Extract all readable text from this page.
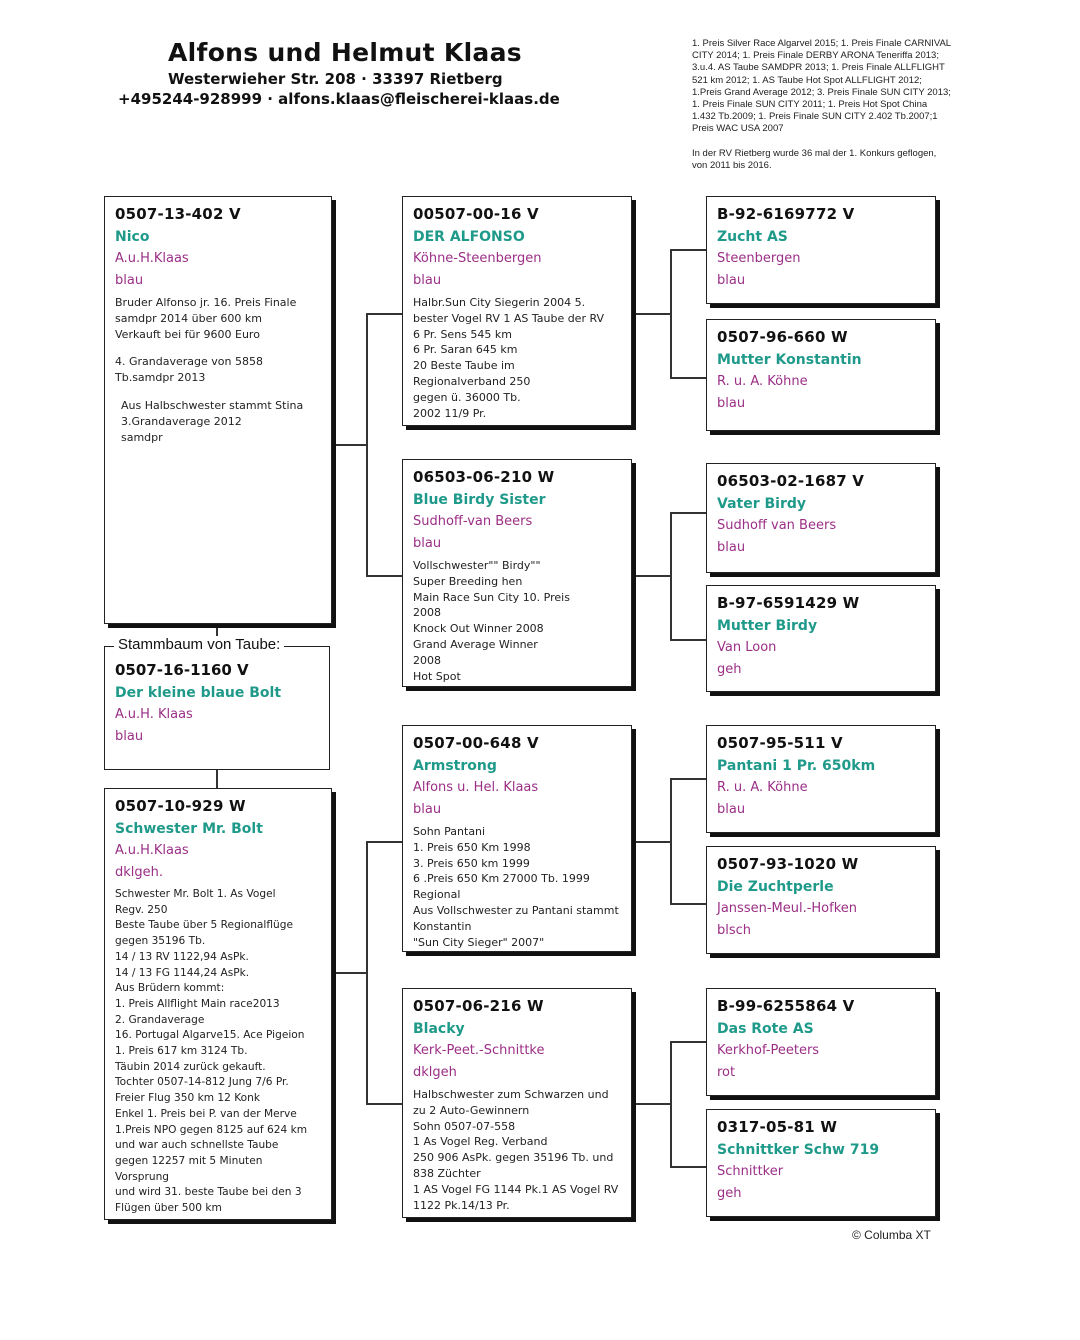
Alfons und Helmut Klaas
Westerwieher Str. 208 · 33397 Rietberg
+495244-928999 · alfons.klaas@fleischerei-klaas.de

1. Preis Silver Race Algarvel 2015; 1. Preis Finale CARNIVAL CITY 2014; 1. Preis Finale DERBY ARONA Teneriffa 2013; 3.u.4. AS Taube SAMDPR 2013; 1. Preis Finale ALLFLIGHT 521 km 2012; 1. AS Taube Hot Spot ALLFLIGHT 2012; 1.Preis Grand Average 2012; 3. Preis Finale SUN CITY 2013; 1. Preis Finale SUN CITY 2011; 1. Preis Hot Spot China 1.432 Tb.2009; 1. Preis Finale SUN CITY 2.402 Tb.2007;1 Preis WAC USA 2007

In der RV Rietberg wurde 36 mal der 1. Konkurs geflogen, von 2011 bis 2016.

0507-13-402 V
Nico
A.u.H.Klaas
blau
Bruder Alfonso jr. 16. Preis Finale
samdpr 2014 über 600 km
Verkauft bei für 9600 Euro
4. Grandaverage von 5858
Tb.samdpr 2013
Aus Halbschwester stammt Stina
3.Grandaverage 2012
samdpr
0507-16-1160 V
Der kleine blaue Bolt
A.u.H. Klaas
blau
Stammbaum von Taube:
0507-10-929 W
Schwester Mr. Bolt
A.u.H.Klaas
dklgeh.
Schwester Mr. Bolt 1. As Vogel
Regv. 250
Beste Taube über 5 Regionalflüge
gegen 35196 Tb.
14 / 13 RV 1122,94 AsPk.
14 / 13 FG 1144,24 AsPk.
Aus Brüdern kommt:
1. Preis Allflight Main race2013
2. Grandaverage
16. Portugal Algarve15. Ace Pigeion
1. Preis 617 km 3124 Tb.
Täubin 2014 zurück gekauft.
Tochter 0507-14-812 Jung 7/6 Pr.
Freier Flug 350 km 12 Konk
Enkel 1. Preis bei P. van der Merve
1.Preis NPO gegen 8125 auf 624 km
und war auch schnellste Taube
gegen 12257 mit 5 Minuten
Vorsprung
und wird 31. beste Taube bei den 3
Flügen über 500 km
00507-00-16 V
DER ALFONSO
Köhne-Steenbergen
blau
Halbr.Sun City Siegerin 2004 5.
bester Vogel RV 1 AS Taube der RV
6 Pr. Sens 545 km
6 Pr. Saran 645 km
20 Beste Taube im
Regionalverband 250
gegen ü. 36000 Tb.
2002 11/9 Pr.
06503-06-210 W
Blue Birdy Sister
Sudhoff-van Beers
blau
Vollschwester"" Birdy""
Super Breeding hen
Main Race Sun City 10. Preis
2008
Knock Out Winner 2008
Grand Average Winner
2008
Hot Spot
0507-00-648 V
Armstrong
Alfons u. Hel. Klaas
blau
Sohn Pantani
1. Preis 650 Km 1998
3. Preis 650 km 1999
6 .Preis 650 Km 27000 Tb. 1999
Regional
Aus Vollschwester zu Pantani stammt
Konstantin
"Sun City Sieger" 2007"
0507-06-216 W
Blacky
Kerk-Peet.-Schnittke
dklgeh
Halbschwester zum Schwarzen und
zu 2 Auto-Gewinnern
Sohn 0507-07-558
1 As Vogel Reg. Verband
250 906 AsPk. gegen 35196 Tb. und
838 Züchter
1 AS Vogel FG 1144 Pk.1 AS Vogel RV
1122 Pk.14/13 Pr.
B-92-6169772 V
Zucht AS
Steenbergen
blau
0507-96-660 W
Mutter Konstantin
R. u. A. Köhne
blau
06503-02-1687 V
Vater Birdy
Sudhoff van Beers
blau
B-97-6591429 W
Mutter Birdy
Van Loon
geh
0507-95-511 V
Pantani 1 Pr. 650km
R. u. A. Köhne
blau
0507-93-1020 W
Die Zuchtperle
Janssen-Meul.-Hofken
blsch
B-99-6255864 V
Das Rote AS
Kerkhof-Peeters
rot
0317-05-81 W
Schnittker Schw 719
Schnittker
geh
© Columba XT
